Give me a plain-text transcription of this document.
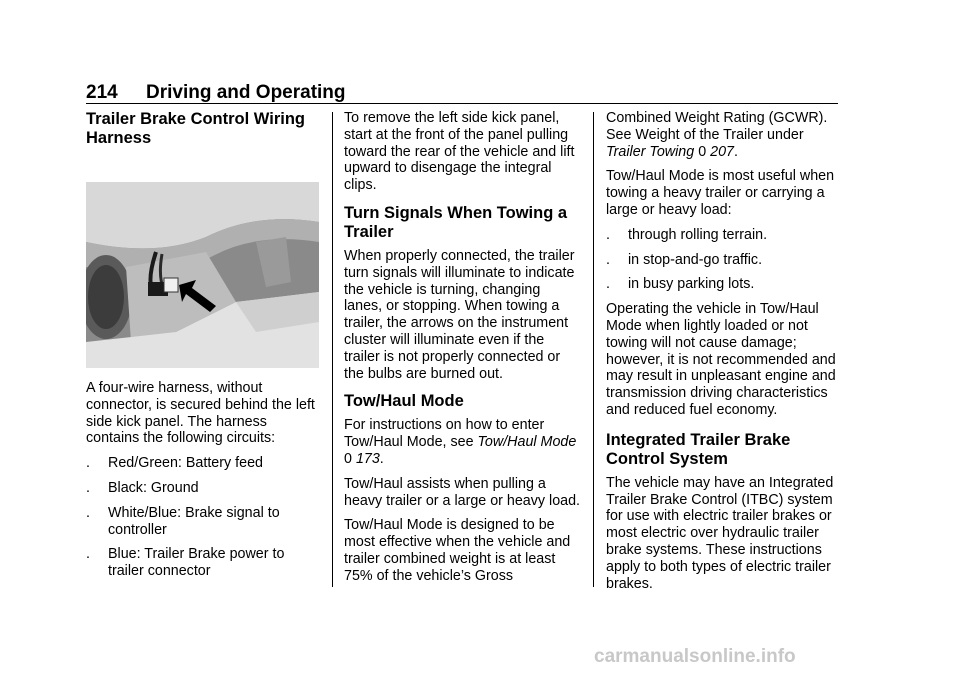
214 Driving and Operating
Trailer Brake Control Wiring Harness

A four-wire harness, without connector, is secured behind the left side kick panel. The harness contains the following circuits:

.	Red/Green: Battery feed
.	Black: Ground
.	White/Blue: Brake signal to controller
.	Blue: Trailer Brake power to trailer connector

To remove the left side kick panel, start at the front of the panel pulling toward the rear of the vehicle and lift upward to disengage the integral clips.

Turn Signals When Towing a Trailer

When properly connected, the trailer turn signals will illuminate to indicate the vehicle is turning, changing lanes, or stopping. When towing a trailer, the arrows on the instrument cluster will illuminate even if the trailer is not properly connected or the bulbs are burned out.

Tow/Haul Mode

For instructions on how to enter Tow/Haul Mode, see Tow/Haul Mode 0 173.

Tow/Haul assists when pulling a heavy trailer or a large or heavy load.

Tow/Haul Mode is designed to be most effective when the vehicle and trailer combined weight is at least 75% of the vehicle’s Gross

Combined Weight Rating (GCWR). See Weight of the Trailer under Trailer Towing 0 207.

Tow/Haul Mode is most useful when towing a heavy trailer or carrying a large or heavy load:

.	through rolling terrain.
.	in stop-and-go traffic.
.	in busy parking lots.

Operating the vehicle in Tow/Haul Mode when lightly loaded or not towing will not cause damage; however, it is not recommended and may result in unpleasant engine and transmission driving characteristics and reduced fuel economy.

Integrated Trailer Brake Control System

The vehicle may have an Integrated Trailer Brake Control (ITBC) system for use with electric trailer brakes or most electric over hydraulic trailer brake systems. These instructions apply to both types of electric trailer brakes.

carmanualsonline.info
